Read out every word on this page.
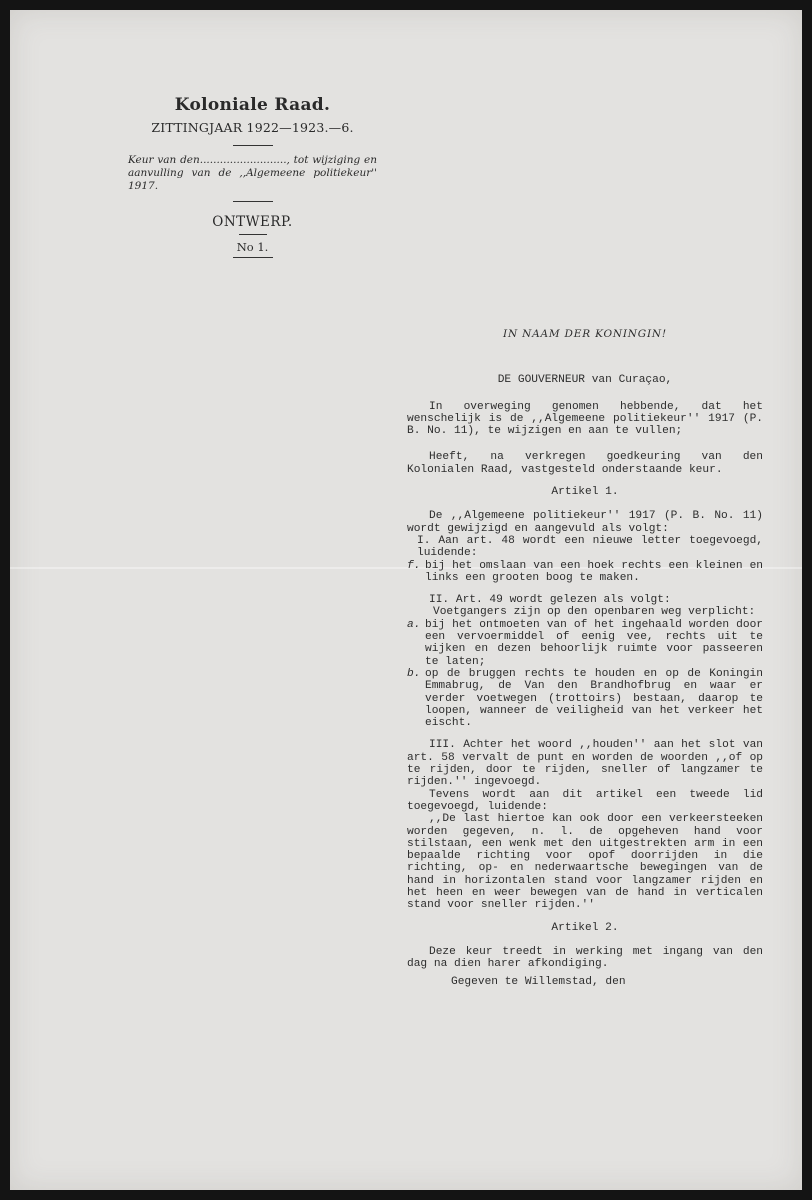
Koloniale Raad.
ZITTINGJAAR 1922—1923.—6.
Keur van den.........................., tot wijziging en aanvulling van de ,,Algemeene politiekeur'' 1917.
ONTWERP.
No 1.
IN NAAM DER KONINGIN!
DE GOUVERNEUR van Curaçao,

In overweging genomen hebbende, dat het wenschelijk is de ,,Algemeene politiekeur'' 1917 (P. B. No. 11), te wijzigen en aan te vullen;

Heeft, na verkregen goedkeuring van den Kolonialen Raad, vastgesteld onderstaande keur.

Artikel 1.

De ,,Algemeene politiekeur'' 1917 (P. B. No. 11) wordt gewijzigd en aangevuld als volgt:

I. Aan art. 48 wordt een nieuwe letter toegevoegd, luidende:

f. bij het omslaan van een hoek rechts een kleinen en links een grooten boog te maken.

II. Art. 49 wordt gelezen als volgt:

Voetgangers zijn op den openbaren weg verplicht:

a. bij het ontmoeten van of het ingehaald worden door een vervoermiddel of eenig vee, rechts uit te wijken en dezen behoorlijk ruimte voor passeeren te laten;
b. op de bruggen rechts te houden en op de Koningin Emmabrug, de Van den Brandhofbrug en waar er verder voetwegen (trottoirs) bestaan, daarop te loopen, wanneer de veiligheid van het verkeer het eischt.

III. Achter het woord ,,houden'' aan het slot van art. 58 vervalt de punt en worden de woorden ,,of op te rijden, door te rijden, sneller of langzamer te rijden.'' ingevoegd.

Tevens wordt aan dit artikel een tweede lid toegevoegd, luidende:

,,De last hiertoe kan ook door een verkeersteeken worden gegeven, n. l. de opgeheven hand voor stilstaan, een wenk met den uitgestrekten arm in een bepaalde richting voor opof doorrijden in die richting, op- en nederwaartsche bewegingen van de hand in horizontalen stand voor langzamer rijden en het heen en weer bewegen van de hand in verticalen stand voor sneller rijden.''

Artikel 2.

Deze keur treedt in werking met ingang van den dag na dien harer afkondiging.

Gegeven te Willemstad, den
